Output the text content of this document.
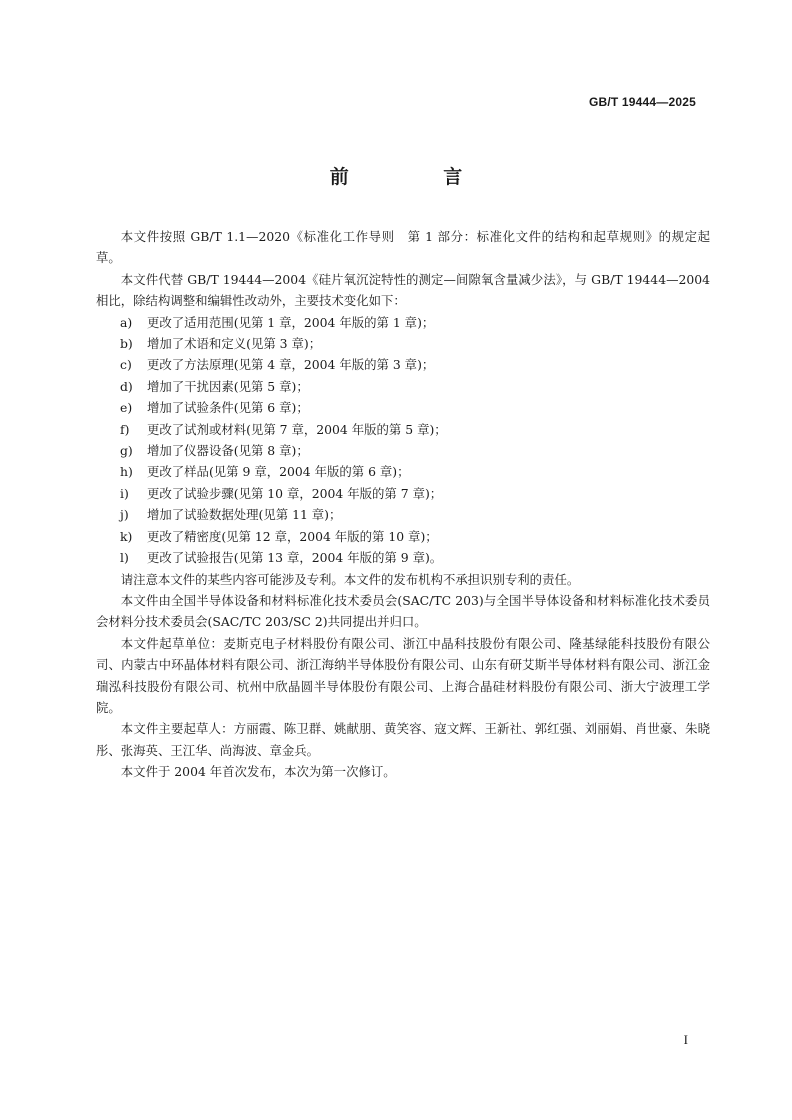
GB/T 19444—2025
前 言

本文件按照 GB/T 1.1—2020《标准化工作导则　第 1 部分：标准化文件的结构和起草规则》的规定起草。

本文件代替 GB/T 19444—2004《硅片氧沉淀特性的测定—间隙氧含量减少法》，与 GB/T 19444—2004 相比，除结构调整和编辑性改动外，主要技术变化如下：

a)	更改了适用范围(见第 1 章，2004 年版的第 1 章)；
b)	增加了术语和定义(见第 3 章)；
c)	更改了方法原理(见第 4 章，2004 年版的第 3 章)；
d)	增加了干扰因素(见第 5 章)；
e)	增加了试验条件(见第 6 章)；
f)	更改了试剂或材料(见第 7 章，2004 年版的第 5 章)；
g)	增加了仪器设备(见第 8 章)；
h)	更改了样品(见第 9 章，2004 年版的第 6 章)；
i)	更改了试验步骤(见第 10 章，2004 年版的第 7 章)；
j)	增加了试验数据处理(见第 11 章)；
k)	更改了精密度(见第 12 章，2004 年版的第 10 章)；
l)	更改了试验报告(见第 13 章，2004 年版的第 9 章)。

请注意本文件的某些内容可能涉及专利。本文件的发布机构不承担识别专利的责任。

本文件由全国半导体设备和材料标准化技术委员会(SAC/TC 203)与全国半导体设备和材料标准化技术委员会材料分技术委员会(SAC/TC 203/SC 2)共同提出并归口。

本文件起草单位：麦斯克电子材料股份有限公司、浙江中晶科技股份有限公司、隆基绿能科技股份有限公司、内蒙古中环晶体材料有限公司、浙江海纳半导体股份有限公司、山东有研艾斯半导体材料有限公司、浙江金瑞泓科技股份有限公司、杭州中欣晶圆半导体股份有限公司、上海合晶硅材料股份有限公司、浙大宁波理工学院。

本文件主要起草人：方丽霞、陈卫群、姚献朋、黄笑容、寇文辉、王新社、郭红强、刘丽娟、肖世豪、朱晓彤、张海英、王江华、尚海波、章金兵。

本文件于 2004 年首次发布，本次为第一次修订。

I
